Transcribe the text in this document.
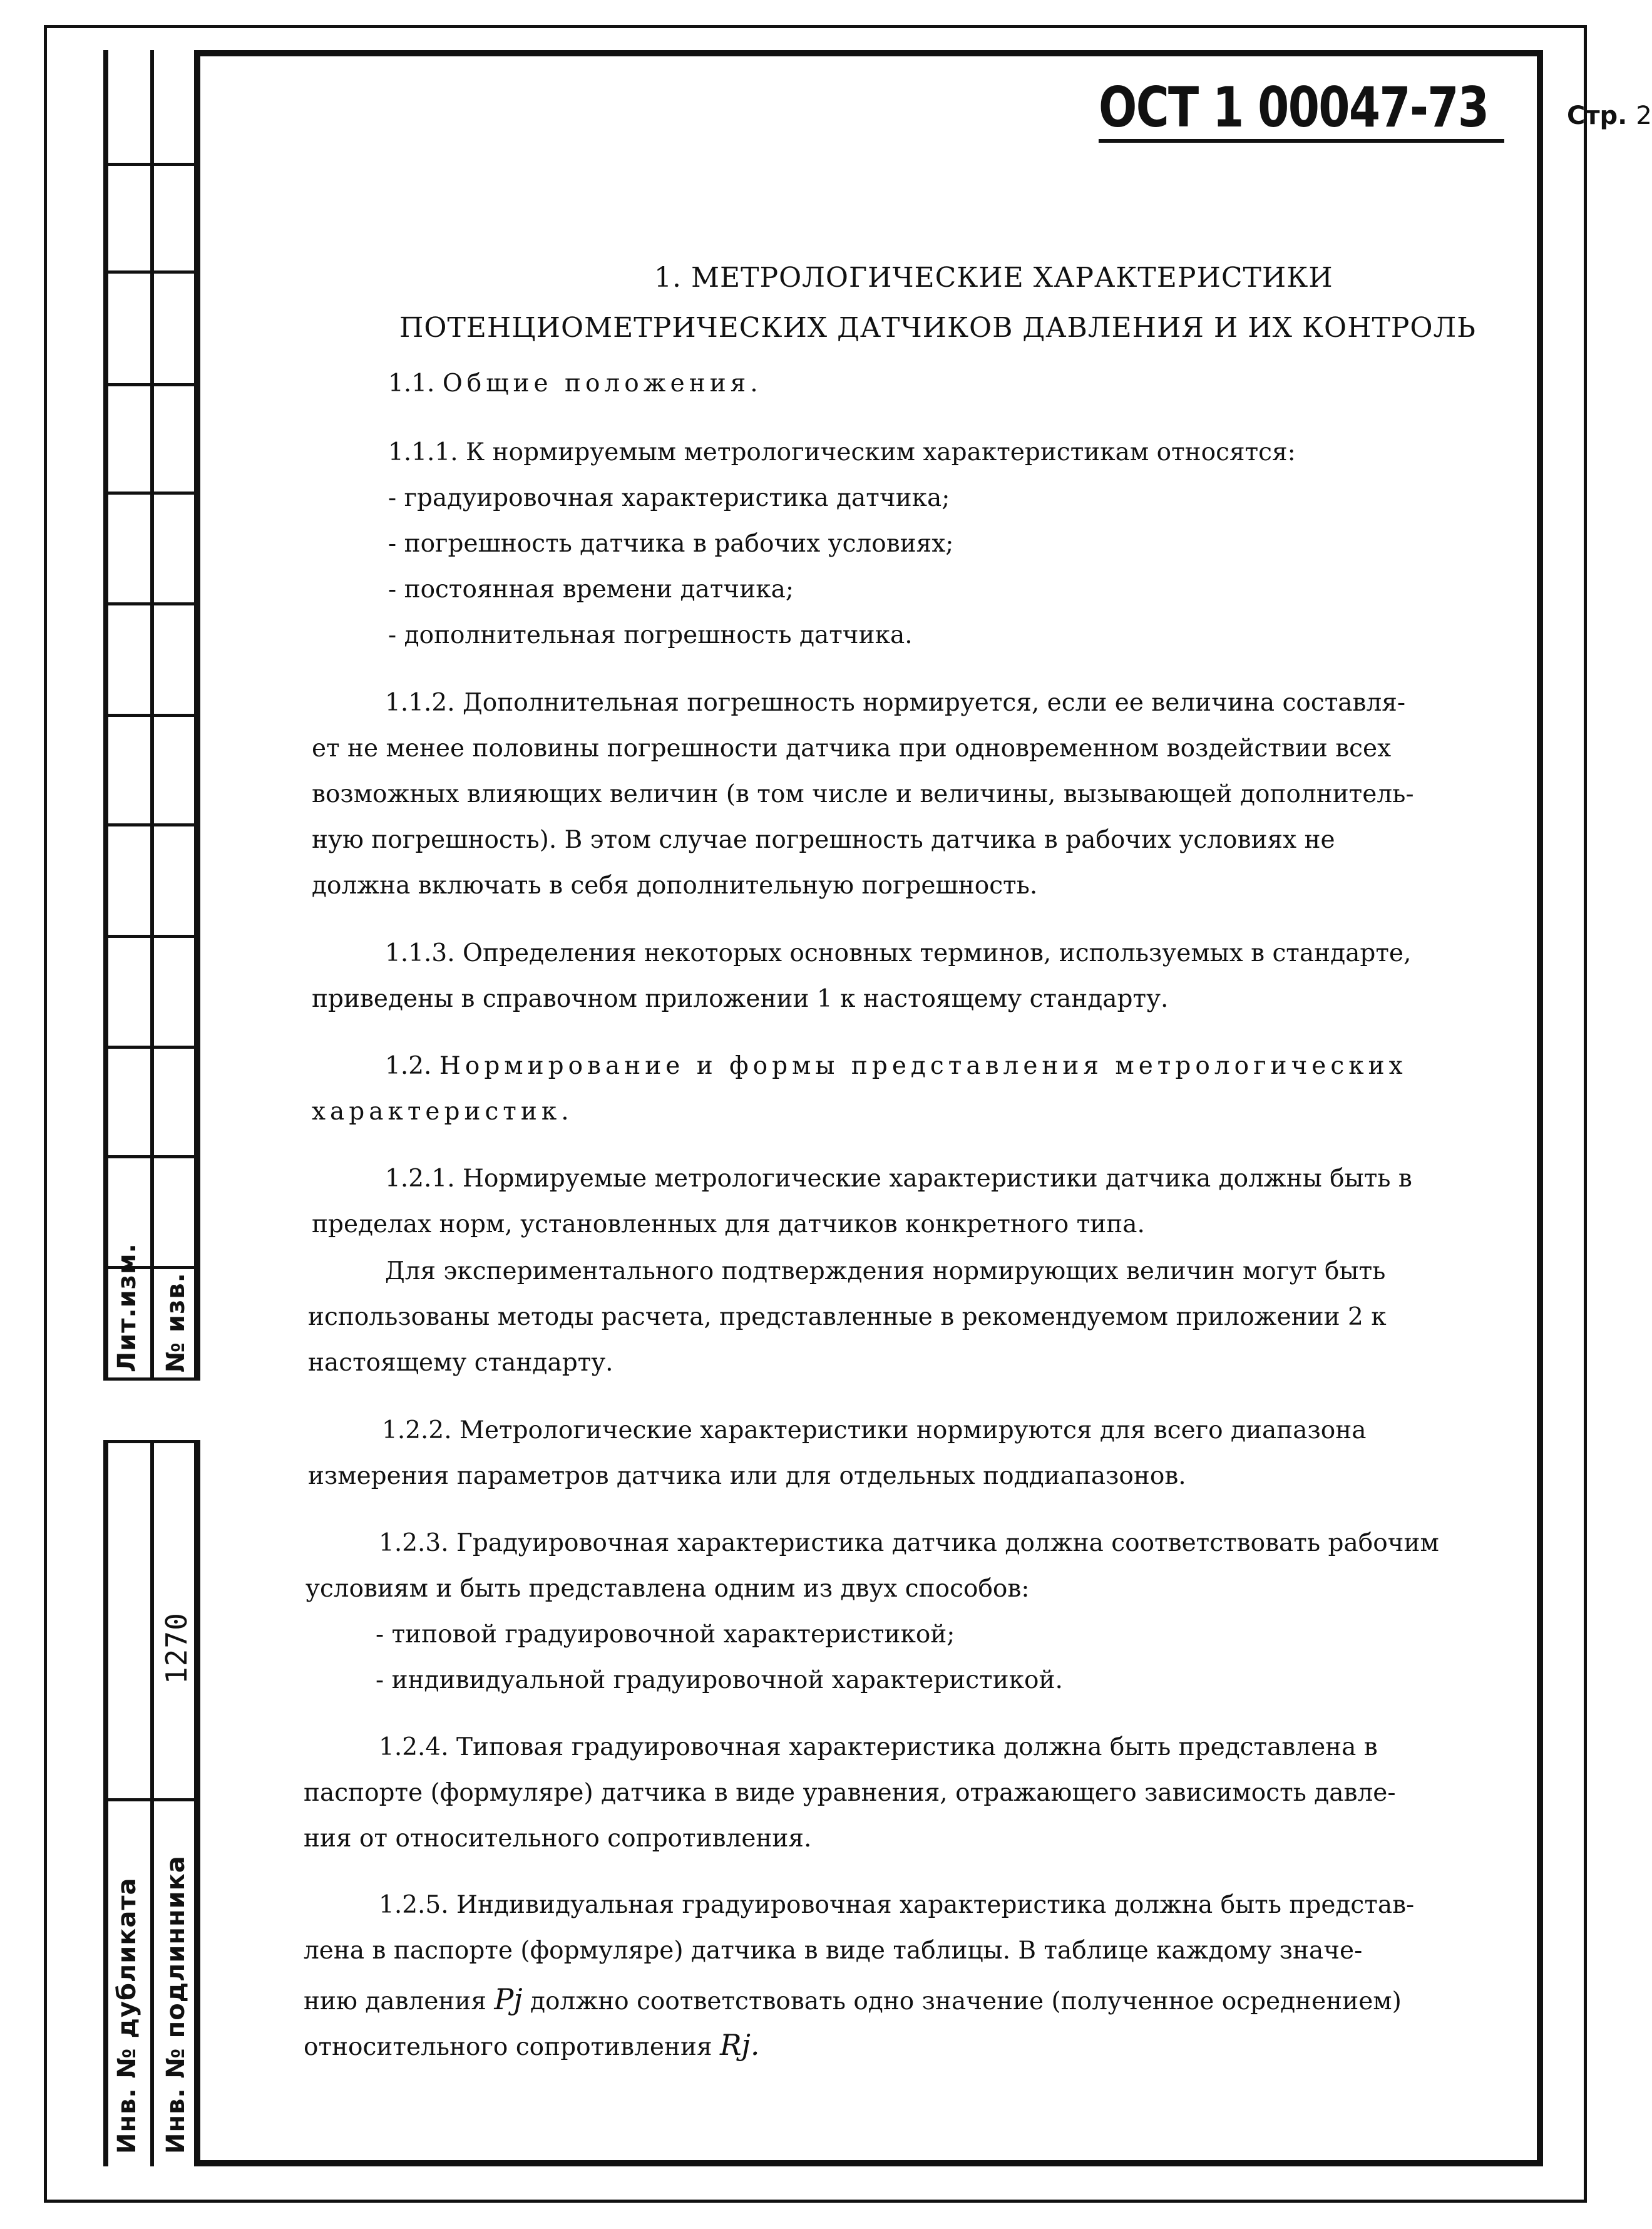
Лит.изм. № изв.
1270
Инв. № дубликата Инв. № подлинника
ОСТ 1 00047-73	Стр. 2
1. МЕТРОЛОГИЧЕСКИЕ ХАРАКТЕРИСТИКИ
ПОТЕНЦИОМЕТРИЧЕСКИХ ДАТЧИКОВ ДАВЛЕНИЯ И ИХ КОНТРОЛЬ
1.1. Общие положения.
1.1.1. К нормируемым метрологическим характеристикам относятся:
- градуировочная характеристика датчика;
- погрешность датчика в рабочих условиях;
- постоянная времени датчика;
- дополнительная погрешность датчика.
1.1.2. Дополнительная погрешность нормируется, если ее величина составля-
ет не менее половины погрешности датчика при одновременном воздействии всех
возможных влияющих величин (в том числе и величины, вызывающей дополнитель-
ную погрешность). В этом случае погрешность датчика в рабочих условиях не
должна включать в себя дополнительную погрешность.
1.1.3. Определения некоторых основных терминов, используемых в стандарте,
приведены в справочном приложении 1 к настоящему стандарту.
1.2. Нормирование и формы представления метрологических
характеристик.
1.2.1. Нормируемые метрологические характеристики датчика должны быть в
пределах норм, установленных для датчиков конкретного типа.
Для экспериментального подтверждения нормирующих величин могут быть
использованы методы расчета, представленные в рекомендуемом приложении 2 к
настоящему стандарту.
1.2.2. Метрологические характеристики нормируются для всего диапазона
измерения параметров датчика или для отдельных поддиапазонов.
1.2.3. Градуировочная характеристика датчика должна соответствовать рабочим
условиям и быть представлена одним из двух способов:
- типовой градуировочной характеристикой;
- индивидуальной градуировочной характеристикой.
1.2.4. Типовая градуировочная характеристика должна быть представлена в
паспорте (формуляре) датчика в виде уравнения, отражающего зависимость давле-
ния от относительного сопротивления.
1.2.5. Индивидуальная градуировочная характеристика должна быть представ-
лена в паспорте (формуляре) датчика в виде таблицы. В таблице каждому значе-
нию давления Pj должно соответствовать одно значение (полученное осреднением)
относительного сопротивления Rj.
